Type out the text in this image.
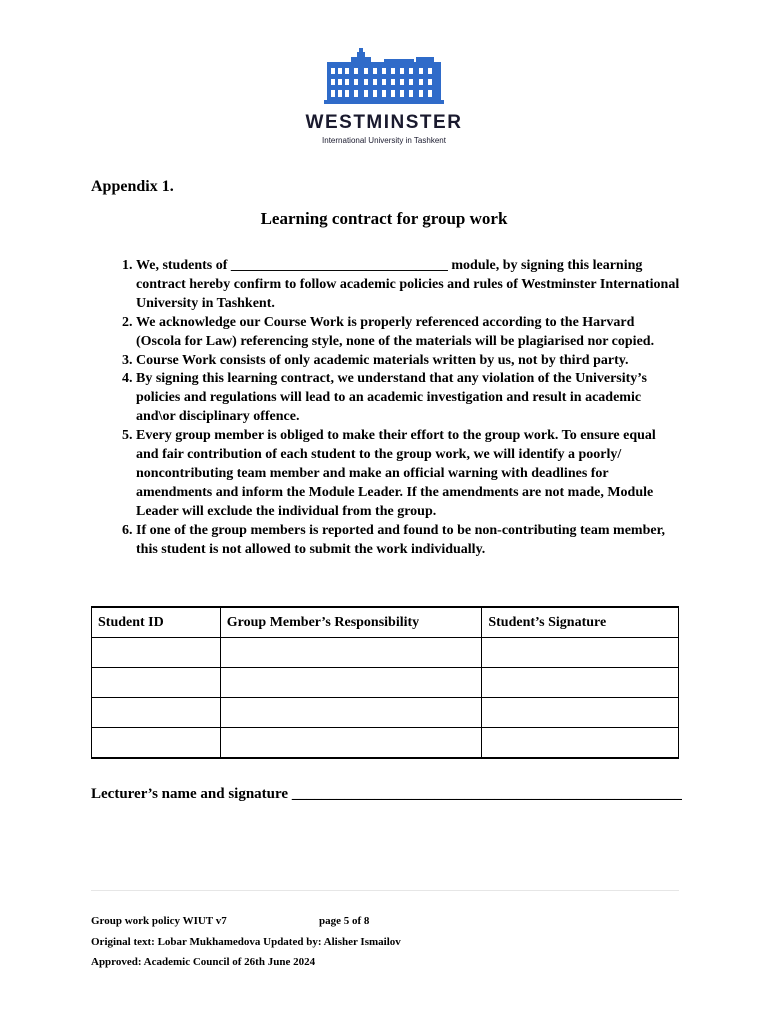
WESTMINSTER
International University in Tashkent
Appendix 1.
Learning contract for group work
1. We, students of _______________________________ module, by signing this learning contract hereby confirm to follow academic policies and rules of Westminster International University in Tashkent.
2. We acknowledge our Course Work is properly referenced according to the Harvard (Oscola for Law) referencing style, none of the materials will be plagiarised nor copied.
3. Course Work consists of only academic materials written by us, not by third party.
4. By signing this learning contract, we understand that any violation of the University’s policies and regulations will lead to an academic investigation and result in academic and\or disciplinary offence.
5. Every group member is obliged to make their effort to the group work. To ensure equal and fair contribution of each student to the group work, we will identify a poorly/ noncontributing team member and make an official warning with deadlines for amendments and inform the Module Leader. If the amendments are not made, Module Leader will exclude the individual from the group.
6. If one of the group members is reported and found to be non-contributing team member, this student is not allowed to submit the work individually.
Student ID	Group Member’s Responsibility	Student’s Signature

Lecturer’s name and signature ____________________________________________________
Group work policy WIUT v7	page 5 of 8
Original text: Lobar Mukhamedova Updated by: Alisher Ismailov
Approved: Academic Council of 26th June 2024
